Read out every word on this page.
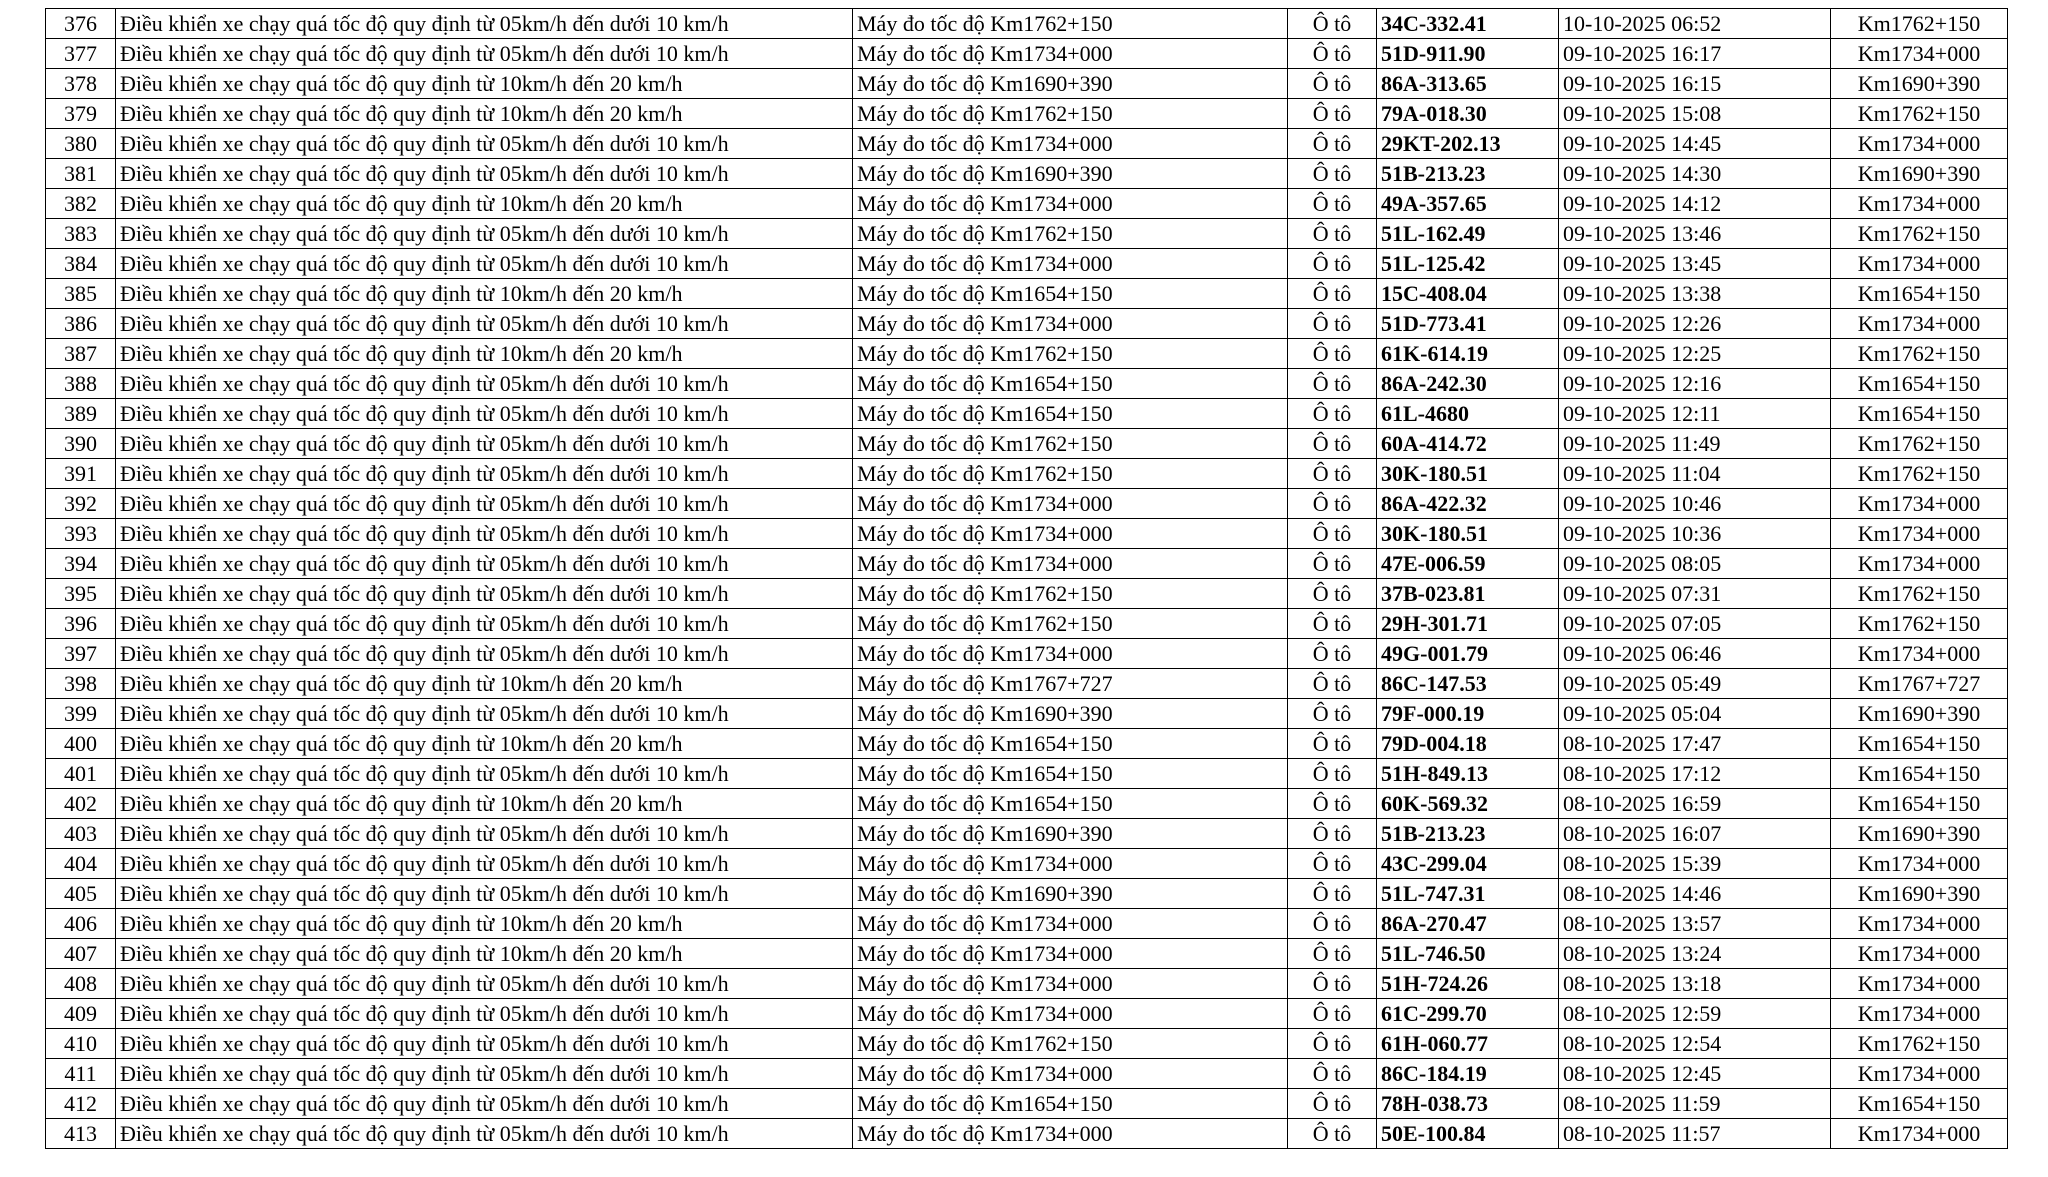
376	Điều khiển xe chạy quá tốc độ quy định từ 05km/h đến dưới 10 km/h	Máy đo tốc độ Km1762+150	Ô tô	34C-332.41	10-10-2025 06:52	Km1762+150
377	Điều khiển xe chạy quá tốc độ quy định từ 05km/h đến dưới 10 km/h	Máy đo tốc độ Km1734+000	Ô tô	51D-911.90	09-10-2025 16:17	Km1734+000
378	Điều khiển xe chạy quá tốc độ quy định từ 10km/h đến 20 km/h	Máy đo tốc độ Km1690+390	Ô tô	86A-313.65	09-10-2025 16:15	Km1690+390
379	Điều khiển xe chạy quá tốc độ quy định từ 10km/h đến 20 km/h	Máy đo tốc độ Km1762+150	Ô tô	79A-018.30	09-10-2025 15:08	Km1762+150
380	Điều khiển xe chạy quá tốc độ quy định từ 05km/h đến dưới 10 km/h	Máy đo tốc độ Km1734+000	Ô tô	29KT-202.13	09-10-2025 14:45	Km1734+000
381	Điều khiển xe chạy quá tốc độ quy định từ 05km/h đến dưới 10 km/h	Máy đo tốc độ Km1690+390	Ô tô	51B-213.23	09-10-2025 14:30	Km1690+390
382	Điều khiển xe chạy quá tốc độ quy định từ 10km/h đến 20 km/h	Máy đo tốc độ Km1734+000	Ô tô	49A-357.65	09-10-2025 14:12	Km1734+000
383	Điều khiển xe chạy quá tốc độ quy định từ 05km/h đến dưới 10 km/h	Máy đo tốc độ Km1762+150	Ô tô	51L-162.49	09-10-2025 13:46	Km1762+150
384	Điều khiển xe chạy quá tốc độ quy định từ 05km/h đến dưới 10 km/h	Máy đo tốc độ Km1734+000	Ô tô	51L-125.42	09-10-2025 13:45	Km1734+000
385	Điều khiển xe chạy quá tốc độ quy định từ 10km/h đến 20 km/h	Máy đo tốc độ Km1654+150	Ô tô	15C-408.04	09-10-2025 13:38	Km1654+150
386	Điều khiển xe chạy quá tốc độ quy định từ 05km/h đến dưới 10 km/h	Máy đo tốc độ Km1734+000	Ô tô	51D-773.41	09-10-2025 12:26	Km1734+000
387	Điều khiển xe chạy quá tốc độ quy định từ 10km/h đến 20 km/h	Máy đo tốc độ Km1762+150	Ô tô	61K-614.19	09-10-2025 12:25	Km1762+150
388	Điều khiển xe chạy quá tốc độ quy định từ 05km/h đến dưới 10 km/h	Máy đo tốc độ Km1654+150	Ô tô	86A-242.30	09-10-2025 12:16	Km1654+150
389	Điều khiển xe chạy quá tốc độ quy định từ 05km/h đến dưới 10 km/h	Máy đo tốc độ Km1654+150	Ô tô	61L-4680	09-10-2025 12:11	Km1654+150
390	Điều khiển xe chạy quá tốc độ quy định từ 05km/h đến dưới 10 km/h	Máy đo tốc độ Km1762+150	Ô tô	60A-414.72	09-10-2025 11:49	Km1762+150
391	Điều khiển xe chạy quá tốc độ quy định từ 05km/h đến dưới 10 km/h	Máy đo tốc độ Km1762+150	Ô tô	30K-180.51	09-10-2025 11:04	Km1762+150
392	Điều khiển xe chạy quá tốc độ quy định từ 05km/h đến dưới 10 km/h	Máy đo tốc độ Km1734+000	Ô tô	86A-422.32	09-10-2025 10:46	Km1734+000
393	Điều khiển xe chạy quá tốc độ quy định từ 05km/h đến dưới 10 km/h	Máy đo tốc độ Km1734+000	Ô tô	30K-180.51	09-10-2025 10:36	Km1734+000
394	Điều khiển xe chạy quá tốc độ quy định từ 05km/h đến dưới 10 km/h	Máy đo tốc độ Km1734+000	Ô tô	47E-006.59	09-10-2025 08:05	Km1734+000
395	Điều khiển xe chạy quá tốc độ quy định từ 05km/h đến dưới 10 km/h	Máy đo tốc độ Km1762+150	Ô tô	37B-023.81	09-10-2025 07:31	Km1762+150
396	Điều khiển xe chạy quá tốc độ quy định từ 05km/h đến dưới 10 km/h	Máy đo tốc độ Km1762+150	Ô tô	29H-301.71	09-10-2025 07:05	Km1762+150
397	Điều khiển xe chạy quá tốc độ quy định từ 05km/h đến dưới 10 km/h	Máy đo tốc độ Km1734+000	Ô tô	49G-001.79	09-10-2025 06:46	Km1734+000
398	Điều khiển xe chạy quá tốc độ quy định từ 10km/h đến 20 km/h	Máy đo tốc độ Km1767+727	Ô tô	86C-147.53	09-10-2025 05:49	Km1767+727
399	Điều khiển xe chạy quá tốc độ quy định từ 05km/h đến dưới 10 km/h	Máy đo tốc độ Km1690+390	Ô tô	79F-000.19	09-10-2025 05:04	Km1690+390
400	Điều khiển xe chạy quá tốc độ quy định từ 10km/h đến 20 km/h	Máy đo tốc độ Km1654+150	Ô tô	79D-004.18	08-10-2025 17:47	Km1654+150
401	Điều khiển xe chạy quá tốc độ quy định từ 05km/h đến dưới 10 km/h	Máy đo tốc độ Km1654+150	Ô tô	51H-849.13	08-10-2025 17:12	Km1654+150
402	Điều khiển xe chạy quá tốc độ quy định từ 10km/h đến 20 km/h	Máy đo tốc độ Km1654+150	Ô tô	60K-569.32	08-10-2025 16:59	Km1654+150
403	Điều khiển xe chạy quá tốc độ quy định từ 05km/h đến dưới 10 km/h	Máy đo tốc độ Km1690+390	Ô tô	51B-213.23	08-10-2025 16:07	Km1690+390
404	Điều khiển xe chạy quá tốc độ quy định từ 05km/h đến dưới 10 km/h	Máy đo tốc độ Km1734+000	Ô tô	43C-299.04	08-10-2025 15:39	Km1734+000
405	Điều khiển xe chạy quá tốc độ quy định từ 05km/h đến dưới 10 km/h	Máy đo tốc độ Km1690+390	Ô tô	51L-747.31	08-10-2025 14:46	Km1690+390
406	Điều khiển xe chạy quá tốc độ quy định từ 10km/h đến 20 km/h	Máy đo tốc độ Km1734+000	Ô tô	86A-270.47	08-10-2025 13:57	Km1734+000
407	Điều khiển xe chạy quá tốc độ quy định từ 10km/h đến 20 km/h	Máy đo tốc độ Km1734+000	Ô tô	51L-746.50	08-10-2025 13:24	Km1734+000
408	Điều khiển xe chạy quá tốc độ quy định từ 05km/h đến dưới 10 km/h	Máy đo tốc độ Km1734+000	Ô tô	51H-724.26	08-10-2025 13:18	Km1734+000
409	Điều khiển xe chạy quá tốc độ quy định từ 05km/h đến dưới 10 km/h	Máy đo tốc độ Km1734+000	Ô tô	61C-299.70	08-10-2025 12:59	Km1734+000
410	Điều khiển xe chạy quá tốc độ quy định từ 05km/h đến dưới 10 km/h	Máy đo tốc độ Km1762+150	Ô tô	61H-060.77	08-10-2025 12:54	Km1762+150
411	Điều khiển xe chạy quá tốc độ quy định từ 05km/h đến dưới 10 km/h	Máy đo tốc độ Km1734+000	Ô tô	86C-184.19	08-10-2025 12:45	Km1734+000
412	Điều khiển xe chạy quá tốc độ quy định từ 05km/h đến dưới 10 km/h	Máy đo tốc độ Km1654+150	Ô tô	78H-038.73	08-10-2025 11:59	Km1654+150
413	Điều khiển xe chạy quá tốc độ quy định từ 05km/h đến dưới 10 km/h	Máy đo tốc độ Km1734+000	Ô tô	50E-100.84	08-10-2025 11:57	Km1734+000
